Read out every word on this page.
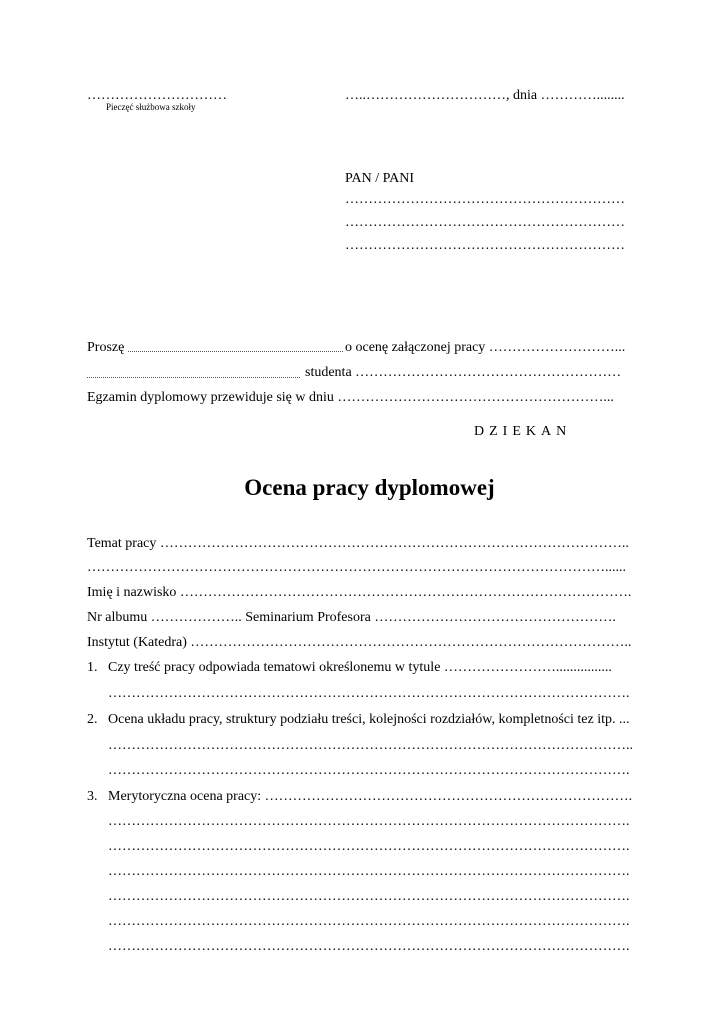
…………………………
Pieczęć służbowa szkoły
…..…………………………, dnia …………........
PAN / PANI
……………………………………………………
……………………………………………………
……………………………………………………
Proszę	o ocenę załączonej pracy ………………………...
studenta …………………………………………………
Egzamin dyplomowy przewiduje się w dniu …………………………………………………...
DZIEKAN
Ocena pracy dyplomowej
Temat pracy ………………………………………………………………………………………..
…………………………………………………………………………………………………......
Imię i nazwisko …………………………………………………………………………………….
Nr albumu ……………….. Seminarium Profesora …………………………………………….
Instytut (Katedra) …………………………………………………………………………………..
1. Czy treść pracy odpowiada tematowi określonemu w tytule ……………………................
………………………………………………………………………………………………….
2. Ocena układu pracy, struktury podziału treści, kolejności rozdziałów, kompletności tez itp. ...
…………………………………………………………………………………………………..
………………………………………………………………………………………………….
3. Merytoryczna ocena pracy: …………………………………………………………………….
………………………………………………………………………………………………….
………………………………………………………………………………………………….
………………………………………………………………………………………………….
………………………………………………………………………………………………….
………………………………………………………………………………………………….
………………………………………………………………………………………………….
